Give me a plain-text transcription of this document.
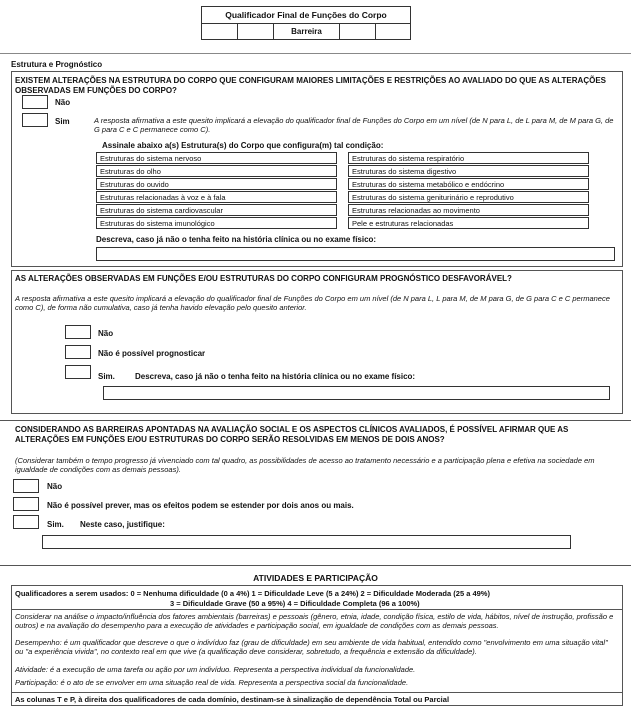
Qualificador Final de Funções do Corpo
Barreira
Estrutura e Prognóstico
EXISTEM ALTERAÇÕES NA ESTRUTURA DO CORPO QUE CONFIGURAM MAIORES LIMITAÇÕES E RESTRIÇÕES AO AVALIADO DO QUE AS ALTERAÇÕES OBSERVADAS EM FUNÇÕES DO CORPO?
Não
Sim	A resposta afirmativa a este quesito implicará a elevação do qualificador final de Funções do Corpo em um nível (de N para L, de L para M, de M para G, de G para C e C permanece como C).
Assinale abaixo a(s) Estrutura(s) do Corpo que configura(m) tal condição:
Estruturas do sistema nervoso
Estruturas do olho
Estruturas do ouvido
Estruturas relacionadas à voz e à fala
Estruturas do sistema cardiovascular
Estruturas do sistema imunológico
Estruturas do sistema respiratório
Estruturas do sistema digestivo
Estruturas do sistema metabólico e endócrino
Estruturas do sistema geniturinário e reprodutivo
Estruturas relacionadas ao movimento
Pele e estruturas relacionadas
Descreva, caso já não o tenha feito na história clínica ou no exame físico:
AS ALTERAÇÕES OBSERVADAS EM FUNÇÕES E/OU ESTRUTURAS DO CORPO CONFIGURAM PROGNÓSTICO DESFAVORÁVEL?
A resposta afirmativa a este quesito implicará a elevação do qualificador final de Funções do Corpo em um nível (de N para L, L para M, de M para G, de G para C e C permanece como C), de forma não cumulativa, caso já tenha havido elevação pelo quesito anterior.
Não
Não é possível prognosticar
Sim.	Descreva, caso já não o tenha feito na história clínica ou no exame físico:
CONSIDERANDO AS BARREIRAS APONTADAS NA AVALIAÇÃO SOCIAL E OS ASPECTOS CLÍNICOS AVALIADOS, É POSSÍVEL AFIRMAR QUE AS ALTERAÇÕES EM FUNÇÕES E/OU ESTRUTURAS DO CORPO SERÃO RESOLVIDAS EM MENOS DE DOIS ANOS?
(Considerar também o tempo progresso já vivenciado com tal quadro, as possibilidades de acesso ao tratamento necessário e a participação plena e efetiva na sociedade em igualdade de condições com as demais pessoas).
Não
Não é possível prever, mas os efeitos podem se estender por dois anos ou mais.
Sim. Neste caso, justifique:
ATIVIDADES E PARTICIPAÇÃO
Qualificadores a serem usados: 0 = Nenhuma dificuldade (0 a 4%) 1 = Dificuldade Leve (5 a 24%) 2 = Dificuldade Moderada (25 a 49%)
3 = Dificuldade Grave (50 a 95%) 4 = Dificuldade Completa (96 a 100%)
Considerar na análise o impacto/influência dos fatores ambientais (barreiras) e pessoais (gênero, etnia, idade, condição física, estilo de vida, hábitos, nível de instrução, profissão e outros) e na avaliação do desempenho para a execução de atividades e participação social, em igualdade de condições com as demais pessoas.
Desempenho: é um qualificador que descreve o que o indivíduo faz (grau de dificuldade) em seu ambiente de vida habitual, entendido como "envolvimento em uma situação vital" ou "a experiência vivida", no contexto real em que vive (a qualificação deve considerar, sobretudo, a frequência e extensão da dificuldade).
Atividade: é a execução de uma tarefa ou ação por um indivíduo. Representa a perspectiva individual da funcionalidade.
Participação: é o ato de se envolver em uma situação real de vida. Representa a perspectiva social da funcionalidade.
As colunas T e P, à direita dos qualificadores de cada domínio, destinam-se à sinalização de dependência Total ou Parcial
